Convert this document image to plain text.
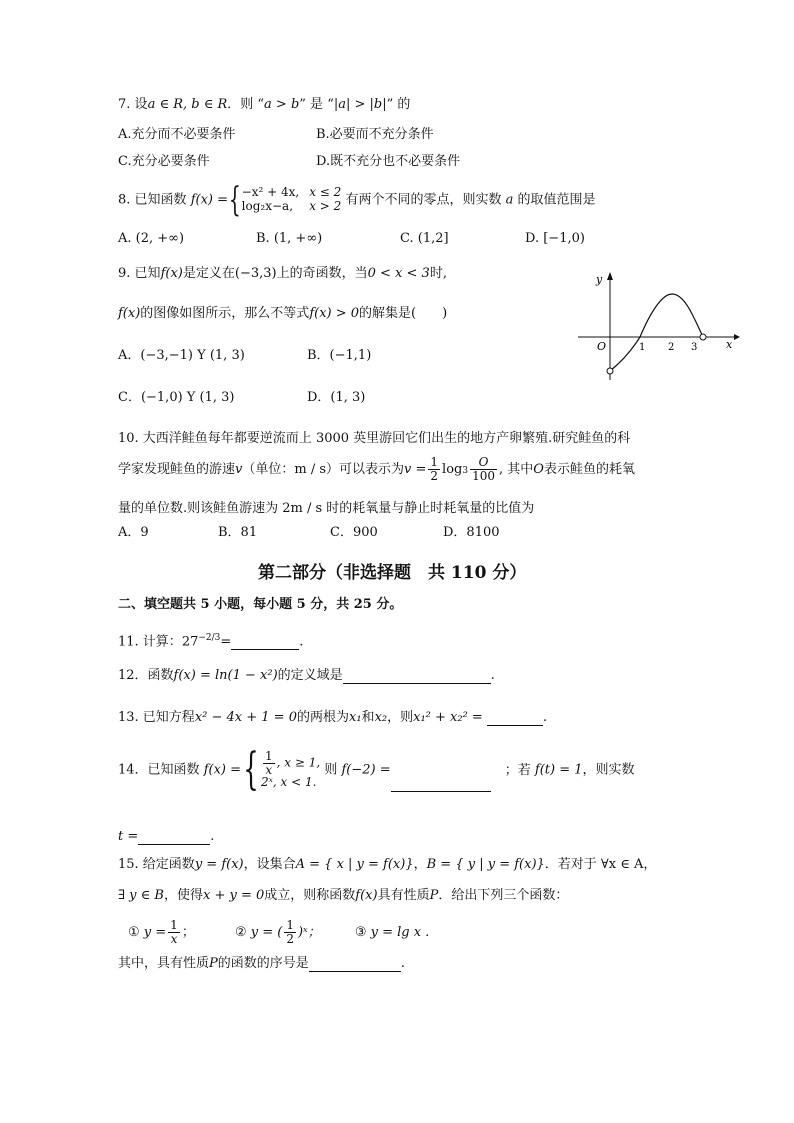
7. 设a ∈ R, b ∈ R．则 “a > b” 是 “|a| > |b|” 的
A.充分而不必要条件	B.必要而不充分条件
C.充分必要条件	D.既不充分也不必要条件
8. 已知函数 f(x) ={−x² + 4x,
log₂x−a,x ≤ 2
x > 2 有两个不同的零点，则实数 a 的取值范围是
A. (2, +∞)	B. (1, +∞)	C. (1,2]	D. [−1,0)
9. 已知f(x)是定义在(−3,3)上的奇函数，当0 < x < 3时,
f(x)的图像如图所示，那么不等式f(x) > 0的解集是(　　)
A．(−3,−1) Y (1, 3)	B．(−1,1)
C．(−1,0) Y (1, 3)	D．(1, 3)
y
x
O	1 2 3
10. 大西洋鲑鱼每年都要逆流而上 3000 英里游回它们出生的地方产卵繁殖.研究鲑鱼的科
学家发现鲑鱼的游速v（单位：m / s）可以表示为$v = \frac{1}{2} \log 3 \frac{O}{100}$ , 其中O表示鲑鱼的耗氧
量的单位数.则该鲑鱼游速为 2m / s 时的耗氧量与静止时耗氧量的比值为
A．9	B．81	C．900	D．8100
第二部分（非选择题　共 110 分）
二、填空题共 5 小题，每小题 5 分，共 25 分。
11. 计算：$27^{-2/3}=$	.
12．函数f(x) = ln(1 − x²)的定义域是	.
13. 已知方程x² − 4x + 1 = 0的两根为x₁和x₂，则x₁² + x₂² =	.
14．已知函数 f(x) ={ $\frac{1}{x}$ , x ≥ 1,
2ˣ, x < 1. 则 f(−2) =	；若 f(t) = 1，则实数
t =	.
15. 给定函数y = f(x)，设集合A = { x | y = f(x)}，B = { y | y = f(x)}．若对于 ∀x ∈ A，
∃ y ∈ B，使得x + y = 0成立，则称函数f(x)具有性质P．给出下列三个函数：
① $y = \frac{1}{x}$ ；	② y = ( $\frac{1}{2}$ )ˣ；	③ y = lg x .
其中，具有性质P的函数的序号是	.
